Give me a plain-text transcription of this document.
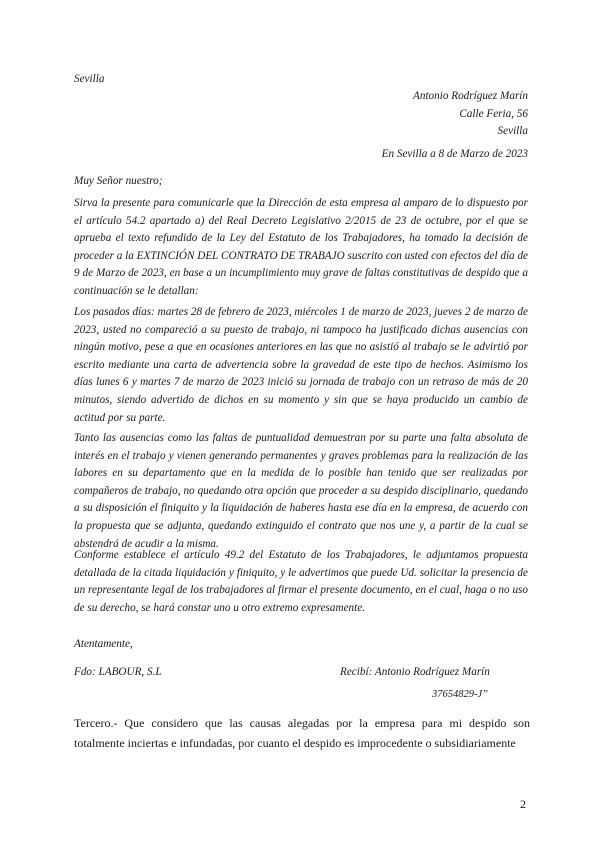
Sevilla
Antonio Rodríguez Marín
Calle Feria, 56
Sevilla
En Sevilla a 8 de Marzo de 2023
Muy Señor nuestro;
Sirva la presente para comunicarle que la Dirección de esta empresa al amparo de lo dispuesto por el artículo 54.2 apartado a) del Real Decreto Legislativo 2/2015 de 23 de octubre, por el que se aprueba el texto refundido de la Ley del Estatuto de los Trabajadores, ha tomado la decisión de proceder a la EXTINCIÓN DEL CONTRATO DE TRABAJO suscrito con usted con efectos del día de 9 de Marzo de 2023, en base a un incumplimiento muy grave de faltas constitutivas de despido que a continuación se le detallan:
Los pasados días: martes 28 de febrero de 2023, miércoles 1 de marzo de 2023, jueves 2 de marzo de 2023, usted no compareció a su puesto de trabajo, ni tampoco ha justificado dichas ausencias con ningún motivo, pese a que en ocasiones anteriores en las que no asistió al trabajo se le advirtió por escrito mediante una carta de advertencia sobre la gravedad de este tipo de hechos. Asimismo los días lunes 6 y martes 7 de marzo de 2023 inició su jornada de trabajo con un retraso de más de 20 minutos, siendo advertido de dichos en su momento y sin que se haya producido un cambio de actitud por su parte.
Tanto las ausencias como las faltas de puntualidad demuestran por su parte una falta absoluta de interés en el trabajo y vienen generando permanentes y graves problemas para la realización de las labores en su departamento que en la medida de lo posible han tenido que ser realizadas por compañeros de trabajo, no quedando otra opción que proceder a su despido disciplinario, quedando a su disposición el finiquito y la liquidación de haberes hasta ese día en la empresa, de acuerdo con la propuesta que se adjunta, quedando extinguido el contrato que nos une y, a partir de la cual se abstendrá de acudir a la misma.
Conforme establece el artículo 49.2 del Estatuto de los Trabajadores, le adjuntamos propuesta detallada de la citada liquidación y finiquito, y le advertimos que puede Ud. solicitar la presencia de un representante legal de los trabajadores al firmar el presente documento, en el cual, haga o no uso de su derecho, se hará constar uno u otro extremo expresamente.
Atentamente,
Fdo: LABOUR, S.L	Recibí: Antonio Rodríguez Marín
37654829-J”
Tercero.- Que considero que las causas alegadas por la empresa para mi despido son totalmente inciertas e infundadas, por cuanto el despido es improcedente o subsidiariamente
2
